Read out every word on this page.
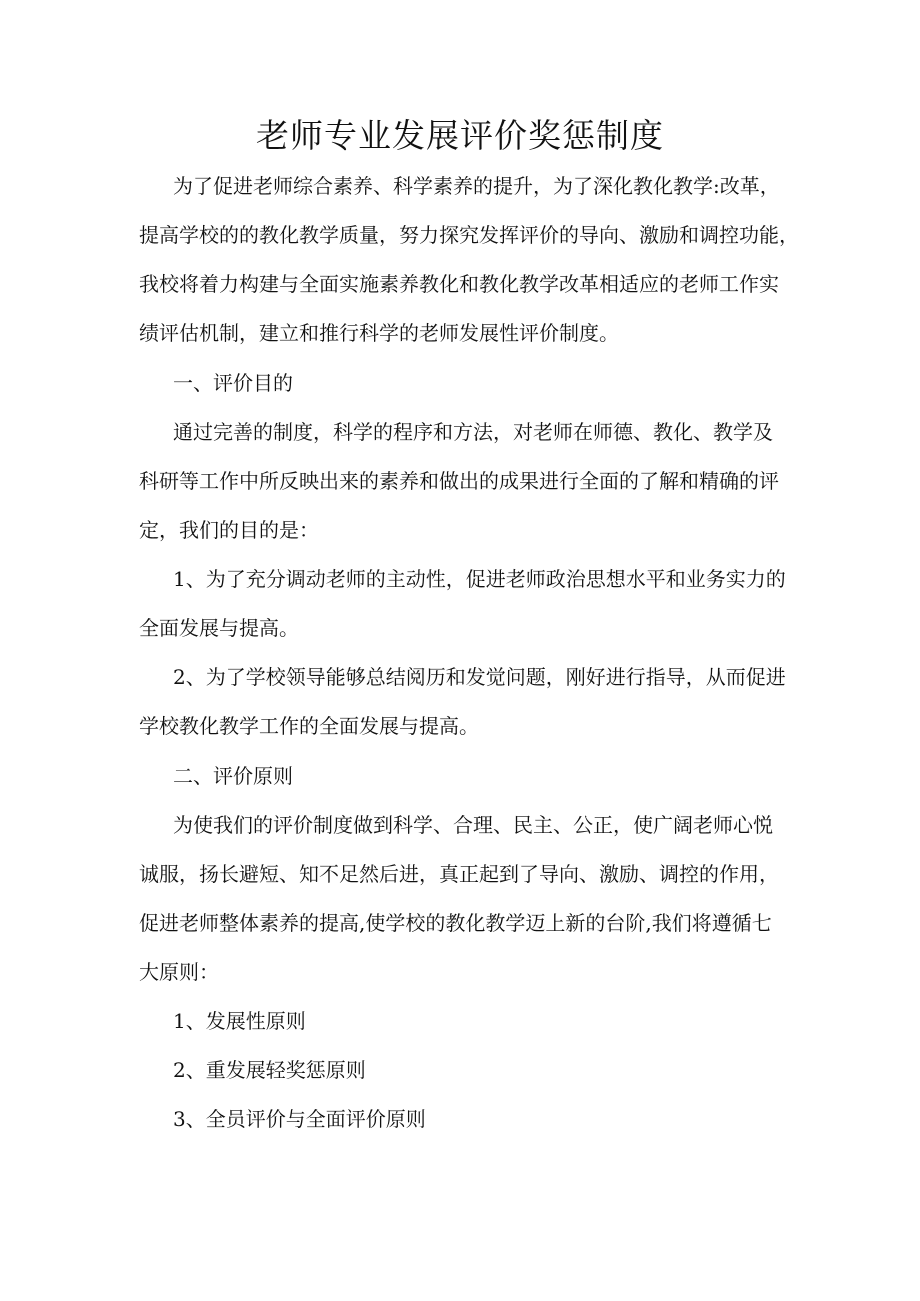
老师专业发展评价奖惩制度

为了促进老师综合素养、科学素养的提升，为了深化教化教学:改革，

提高学校的的教化教学质量，努力探究发挥评价的导向、激励和调控功能，

我校将着力构建与全面实施素养教化和教化教学改革相适应的老师工作实

绩评估机制，建立和推行科学的老师发展性评价制度。

一、评价目的

通过完善的制度，科学的程序和方法，对老师在师德、教化、教学及

科研等工作中所反映出来的素养和做出的成果进行全面的了解和精确的评

定，我们的目的是：

1、为了充分调动老师的主动性，促进老师政治思想水平和业务实力的

全面发展与提高。

2、为了学校领导能够总结阅历和发觉问题，刚好进行指导，从而促进

学校教化教学工作的全面发展与提高。

二、评价原则

为使我们的评价制度做到科学、合理、民主、公正，使广阔老师心悦

诚服，扬长避短、知不足然后进，真正起到了导向、激励、调控的作用，

促进老师整体素养的提高,使学校的教化教学迈上新的台阶,我们将遵循七

大原则：

1、发展性原则

2、重发展轻奖惩原则

3、全员评价与全面评价原则
